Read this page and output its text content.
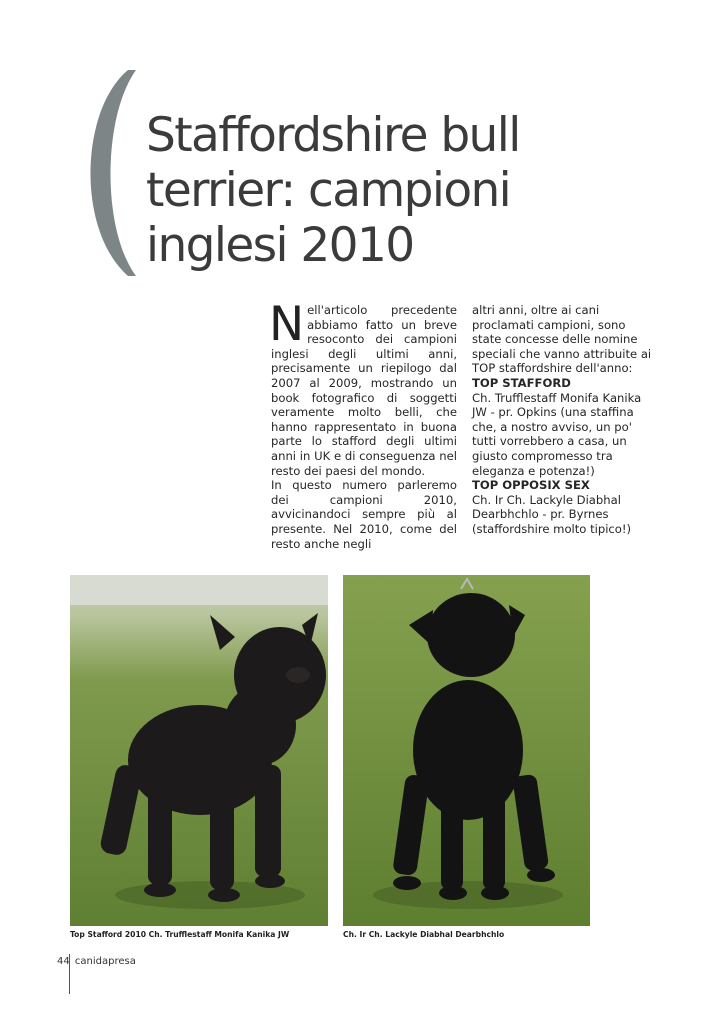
Staffordshire bull
terrier: campioni
inglesi 2010

Nell'articolo precedente abbiamo fatto un breve resoconto dei campioni inglesi degli ultimi anni, precisamente un riepilogo dal 2007 al 2009, mostrando un book fotografico di soggetti veramente molto belli, che hanno rappresentato in buona parte lo stafford degli ultimi anni in UK e di conseguenza nel resto dei paesi del mondo.

In questo numero parleremo dei campioni 2010, avvicinandoci sempre più al presente. Nel 2010, come del resto anche negli

altri anni, oltre ai cani proclamati campioni, sono state concesse delle nomine speciali che vanno attribuite ai TOP staffordshire dell'anno:

TOP STAFFORD

Ch. Trufflestaff Monifa Kanika JW - pr. Opkins (una staffina che, a nostro avviso, un po' tutti vorrebbero a casa, un giusto compromesso tra eleganza e potenza!)

TOP OPPOSIX SEX

Ch. Ir Ch. Lackyle Diabhal Dearbhchlo - pr. Byrnes (staffordshire molto tipico!)

Top Stafford 2010 Ch. Trufflestaff Monifa Kanika JW	Ch. Ir Ch. Lackyle Diabhal Dearbhchlo
44 canidapresa
